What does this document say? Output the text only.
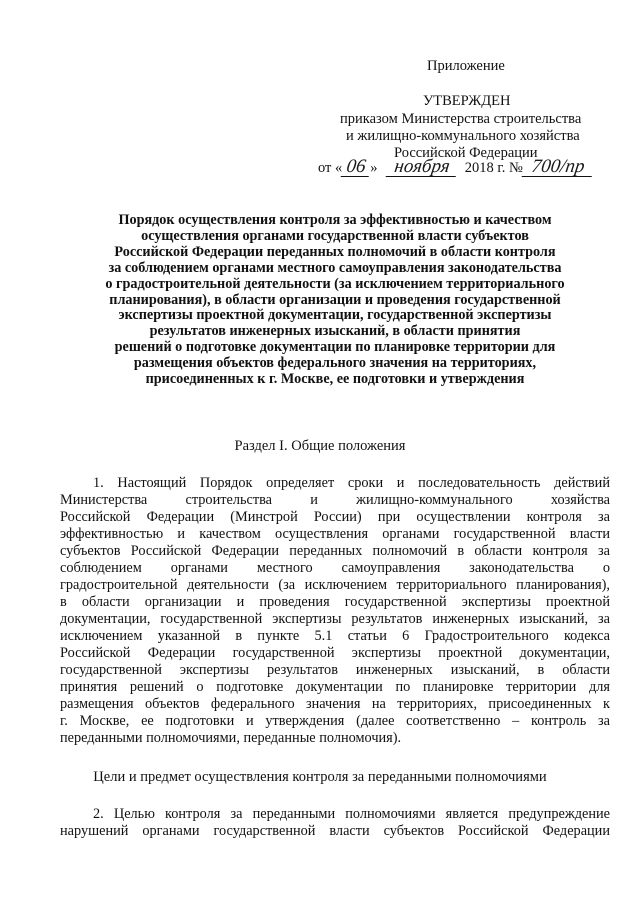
Приложение
УТВЕРЖДЕН
приказом Министерства строительства
и жилищно-коммунального хозяйства
Российской Федерации
от « 06 » ноября 2018 г. № 700/пр
Порядок осуществления контроля за эффективностью и качеством
осуществления органами государственной власти субъектов
Российской Федерации переданных полномочий в области контроля
за соблюдением органами местного самоуправления законодательства
о градостроительной деятельности (за исключением территориального
планирования), в области организации и проведения государственной
экспертизы проектной документации, государственной экспертизы
результатов инженерных изысканий, в области принятия
решений о подготовке документации по планировке территории для
размещения объектов федерального значения на территориях,
присоединенных к г. Москве, ее подготовки и утверждения
Раздел I. Общие положения
1. Настоящий Порядок определяет сроки и последовательность действий
Министерства строительства и жилищно-коммунального хозяйства
Российской Федерации (Минстрой России) при осуществлении контроля за
эффективностью и качеством осуществления органами государственной власти
субъектов Российской Федерации переданных полномочий в области контроля за
соблюдением органами местного самоуправления законодательства о
градостроительной деятельности (за исключением территориального планирования),
в области организации и проведения государственной экспертизы проектной
документации, государственной экспертизы результатов инженерных изысканий, за
исключением указанной в пункте 5.1 статьи 6 Градостроительного кодекса
Российской Федерации государственной экспертизы проектной документации,
государственной экспертизы результатов инженерных изысканий, в области
принятия решений о подготовке документации по планировке территории для
размещения объектов федерального значения на территориях, присоединенных к
г. Москве, ее подготовки и утверждения (далее соответственно – контроль за
переданными полномочиями, переданные полномочия).
Цели и предмет осуществления контроля за переданными полномочиями
2. Целью контроля за переданными полномочиями является предупреждение
нарушений органами государственной власти субъектов Российской Федерации
